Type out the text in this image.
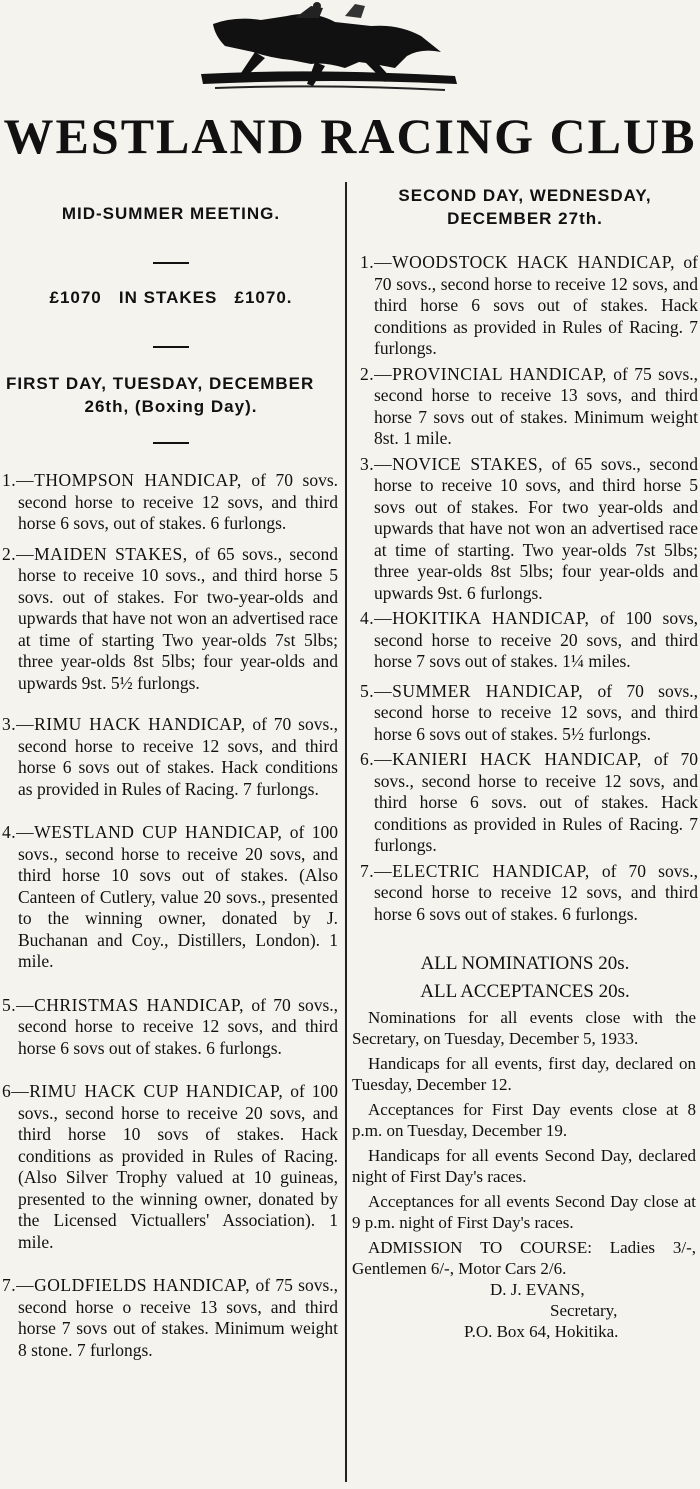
WESTLAND RACING CLUB
MID-SUMMER MEETING.
£1070   IN STAKES   £1070.
FIRST DAY, TUESDAY, DECEMBER
26th, (Boxing Day).
1.—THOMPSON HANDICAP, of 70 sovs. second horse to receive 12 sovs, and third horse 6 sovs, out of stakes. 6 furlongs.
2.—MAIDEN STAKES, of 65 sovs., second horse to receive 10 sovs., and third horse 5 sovs. out of stakes. For two-year-olds and upwards that have not won an advertised race at time of starting Two year-olds 7st 5lbs; three year-olds 8st 5lbs; four year-olds and upwards 9st. 5½ furlongs.
3.—RIMU HACK HANDICAP, of 70 sovs., second horse to receive 12 sovs, and third horse 6 sovs out of stakes. Hack conditions as provided in Rules of Racing. 7 furlongs.
4.—WESTLAND CUP HANDICAP, of 100 sovs., second horse to receive 20 sovs, and third horse 10 sovs out of stakes. (Also Canteen of Cutlery, value 20 sovs., presented to the winning owner, donated by J. Buchanan and Coy., Distillers, London). 1 mile.
5.—CHRISTMAS HANDICAP, of 70 sovs., second horse to receive 12 sovs, and third horse 6 sovs out of stakes. 6 furlongs.
6—RIMU HACK CUP HANDICAP, of 100 sovs., second horse to receive 20 sovs, and third horse 10 sovs of stakes. Hack conditions as provided in Rules of Racing. (Also Silver Trophy valued at 10 guineas, presented to the winning owner, donated by the Licensed Victuallers' Association). 1 mile.
7.—GOLDFIELDS HANDICAP, of 75 sovs., second horse o receive 13 sovs, and third horse 7 sovs out of stakes. Minimum weight 8 stone. 7 furlongs.
SECOND DAY, WEDNESDAY,
DECEMBER 27th.
1.—WOODSTOCK HACK HANDICAP, of 70 sovs., second horse to receive 12 sovs, and third horse 6 sovs out of stakes. Hack conditions as provided in Rules of Racing. 7 furlongs.
2.—PROVINCIAL HANDICAP, of 75 sovs., second horse to receive 13 sovs, and third horse 7 sovs out of stakes. Minimum weight 8st. 1 mile.
3.—NOVICE STAKES, of 65 sovs., second horse to receive 10 sovs, and third horse 5 sovs out of stakes. For two year-olds and upwards that have not won an advertised race at time of starting. Two year-olds 7st 5lbs; three year-olds 8st 5lbs; four year-olds and upwards 9st. 6 furlongs.
4.—HOKITIKA HANDICAP, of 100 sovs, second horse to receive 20 sovs, and third horse 7 sovs out of stakes. 1¼ miles.
5.—SUMMER HANDICAP, of 70 sovs., second horse to receive 12 sovs, and third horse 6 sovs out of stakes. 5½ furlongs.
6.—KANIERI HACK HANDICAP, of 70 sovs., second horse to receive 12 sovs, and third horse 6 sovs. out of stakes. Hack conditions as provided in Rules of Racing. 7 furlongs.
7.—ELECTRIC HANDICAP, of 70 sovs., second horse to receive 12 sovs, and third horse 6 sovs out of stakes. 6 furlongs.
ALL NOMINATIONS 20s.
ALL ACCEPTANCES 20s.
Nominations for all events close with the Secretary, on Tuesday, December 5, 1933.
Handicaps for all events, first day, declared on Tuesday, December 12.
Acceptances for First Day events close at 8 p.m. on Tuesday, December 19.
Handicaps for all events Second Day, declared night of First Day's races.
Acceptances for all events Second Day close at 9 p.m. night of First Day's races.
ADMISSION TO COURSE: Ladies 3/-, Gentlemen 6/-, Motor Cars 2/6.
D. J. EVANS,
Secretary,
P.O. Box 64, Hokitika.
